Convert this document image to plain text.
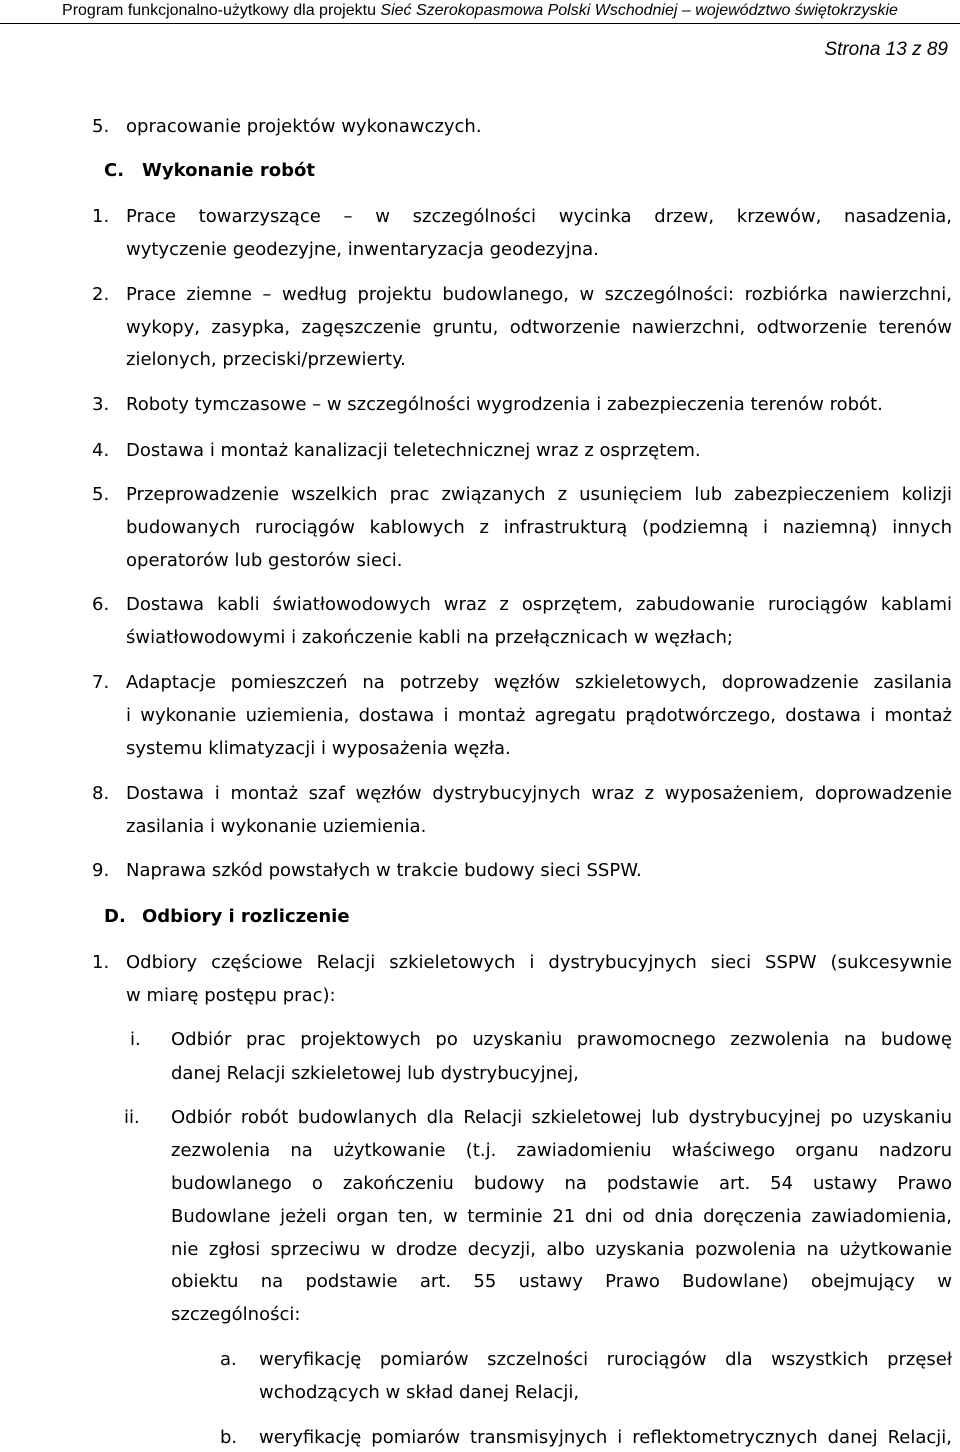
Program funkcjonalno-użytkowy dla projektu Sieć Szerokopasmowa Polski Wschodniej – województwo świętokrzyskie
Strona 13 z 89
5. opracowanie projektów wykonawczych.
C. Wykonanie robót
1. Prace towarzyszące – w szczególności wycinka drzew, krzewów, nasadzenia,
wytyczenie geodezyjne, inwentaryzacja geodezyjna.
2. Prace ziemne – według projektu budowlanego, w szczególności: rozbiórka nawierzchni,
wykopy, zasypka, zagęszczenie gruntu, odtworzenie nawierzchni, odtworzenie terenów
zielonych, przeciski/przewierty.
3. Roboty tymczasowe – w szczególności wygrodzenia i zabezpieczenia terenów robót.
4. Dostawa i montaż kanalizacji teletechnicznej wraz z osprzętem.
5. Przeprowadzenie wszelkich prac związanych z usunięciem lub zabezpieczeniem kolizji
budowanych rurociągów kablowych z infrastrukturą (podziemną i naziemną) innych
operatorów lub gestorów sieci.
6. Dostawa kabli światłowodowych wraz z osprzętem, zabudowanie rurociągów kablami
światłowodowymi i zakończenie kabli na przełącznicach w węzłach;
7. Adaptacje pomieszczeń na potrzeby węzłów szkieletowych, doprowadzenie zasilania
i wykonanie uziemienia, dostawa i montaż agregatu prądotwórczego, dostawa i montaż
systemu klimatyzacji i wyposażenia węzła.
8. Dostawa i montaż szaf węzłów dystrybucyjnych wraz z wyposażeniem, doprowadzenie
zasilania i wykonanie uziemienia.
9. Naprawa szkód powstałych w trakcie budowy sieci SSPW.
D. Odbiory i rozliczenie
1. Odbiory częściowe Relacji szkieletowych i dystrybucyjnych sieci SSPW (sukcesywnie
w miarę postępu prac):
i. Odbiór prac projektowych po uzyskaniu prawomocnego zezwolenia na budowę
danej Relacji szkieletowej lub dystrybucyjnej,
ii. Odbiór robót budowlanych dla Relacji szkieletowej lub dystrybucyjnej po uzyskaniu
zezwolenia na użytkowanie (t.j. zawiadomieniu właściwego organu nadzoru
budowlanego o zakończeniu budowy na podstawie art. 54 ustawy Prawo
Budowlane jeżeli organ ten, w terminie 21 dni od dnia doręczenia zawiadomienia,
nie zgłosi sprzeciwu w drodze decyzji, albo uzyskania pozwolenia na użytkowanie
obiektu na podstawie art. 55 ustawy Prawo Budowlane) obejmujący w
szczególności:
a. weryfikację pomiarów szczelności rurociągów dla wszystkich przęseł
wchodzących w skład danej Relacji,
b. weryfikację pomiarów transmisyjnych i reflektometrycznych danej Relacji,
